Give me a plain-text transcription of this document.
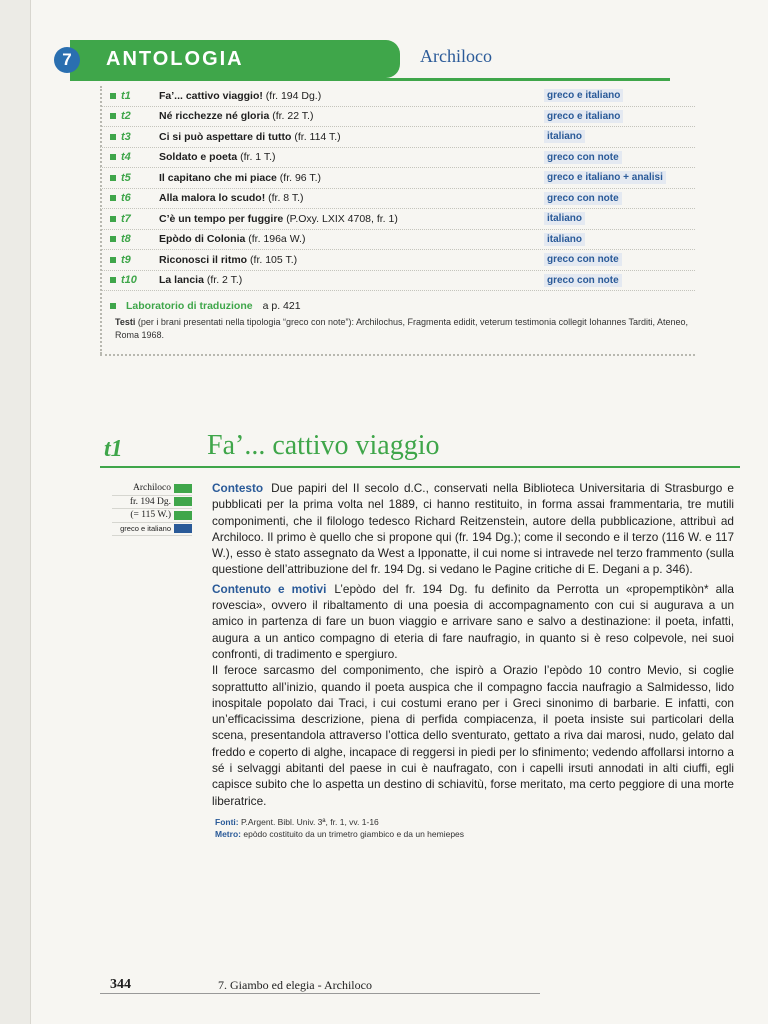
7	ANTOLOGIA	Archiloco
t1	Fa’... cattivo viaggio! (fr. 194 Dg.)	greco e italiano
t2	Né ricchezze né gloria (fr. 22 T.)	greco e italiano
t3	Ci si può aspettare di tutto (fr. 114 T.)	italiano
t4	Soldato e poeta (fr. 1 T.)	greco con note
t5	Il capitano che mi piace (fr. 96 T.)	greco e italiano + analisi
t6	Alla malora lo scudo! (fr. 8 T.)	greco con note
t7	C’è un tempo per fuggire (P.Oxy. LXIX 4708, fr. 1)	italiano
t8	Epòdo di Colonia (fr. 196a W.)	italiano
t9	Riconosci il ritmo (fr. 105 T.)	greco con note
t10	La lancia (fr. 2 T.)	greco con note
Laboratorio di traduzione a p. 421
Testi (per i brani presentati nella tipologia “greco con note”): Archilochus, Fragmenta edidit, veterum testimonia collegit Iohannes Tarditi, Ateneo, Roma 1968.
t1	Fa’... cattivo viaggio
Archiloco
fr. 194 Dg.
(= 115 W.)
greco e italiano

Contesto Due papiri del II secolo d.C., conservati nella Biblioteca Universitaria di Strasburgo e pubblicati per la prima volta nel 1889, ci hanno restituito, in forma assai frammentaria, tre mutili componimenti, che il filologo tedesco Richard Reitzenstein, autore della pubblicazione, attribuì ad Archiloco. Il primo è quello che si propone qui (fr. 194 Dg.); come il secondo e il terzo (116 W. e 117 W.), esso è stato assegnato da West a Ipponatte, il cui nome si intravede nel terzo frammento (sulla questione dell’attribuzione del fr. 194 Dg. si vedano le Pagine critiche di E. Degani a p. 346).

Contenuto e motivi L’epòdo del fr. 194 Dg. fu definito da Perrotta un «propemptikòn* alla rovescia», ovvero il ribaltamento di una poesia di accompagnamento con cui si augurava a un amico in partenza di fare un buon viaggio e arrivare sano e salvo a destinazione: il poeta, infatti, augura a un antico compagno di eteria di fare naufragio, in quanto si è reso colpevole, nei suoi confronti, di tradimento e spergiuro.

Il feroce sarcasmo del componimento, che ispirò a Orazio l’epòdo 10 contro Mevio, si coglie soprattutto all’inizio, quando il poeta auspica che il compagno faccia naufragio a Salmidesso, lido inospitale popolato dai Traci, i cui costumi erano per i Greci sinonimo di barbarie. E infatti, con un’efficacissima descrizione, piena di perfida compiacenza, il poeta insiste sui particolari della scena, presentandola attraverso l’ottica dello sventurato, gettato a riva dai marosi, nudo, gelato dal freddo e coperto di alghe, incapace di reggersi in piedi per lo sfinimento; vedendo affollarsi intorno a sé i selvaggi abitanti del paese in cui è naufragato, con i capelli irsuti annodati in alti ciuffi, egli capisce subito che lo aspetta un destino di schiavitù, forse meritato, ma certo peggiore di una morte liberatrice.

Fonti: P.Argent. Bibl. Univ. 3ª, fr. 1, vv. 1-16
Metro: epòdo costituito da un trimetro giambico e da un hemiepes
344	7. Giambo ed elegia - Archiloco
